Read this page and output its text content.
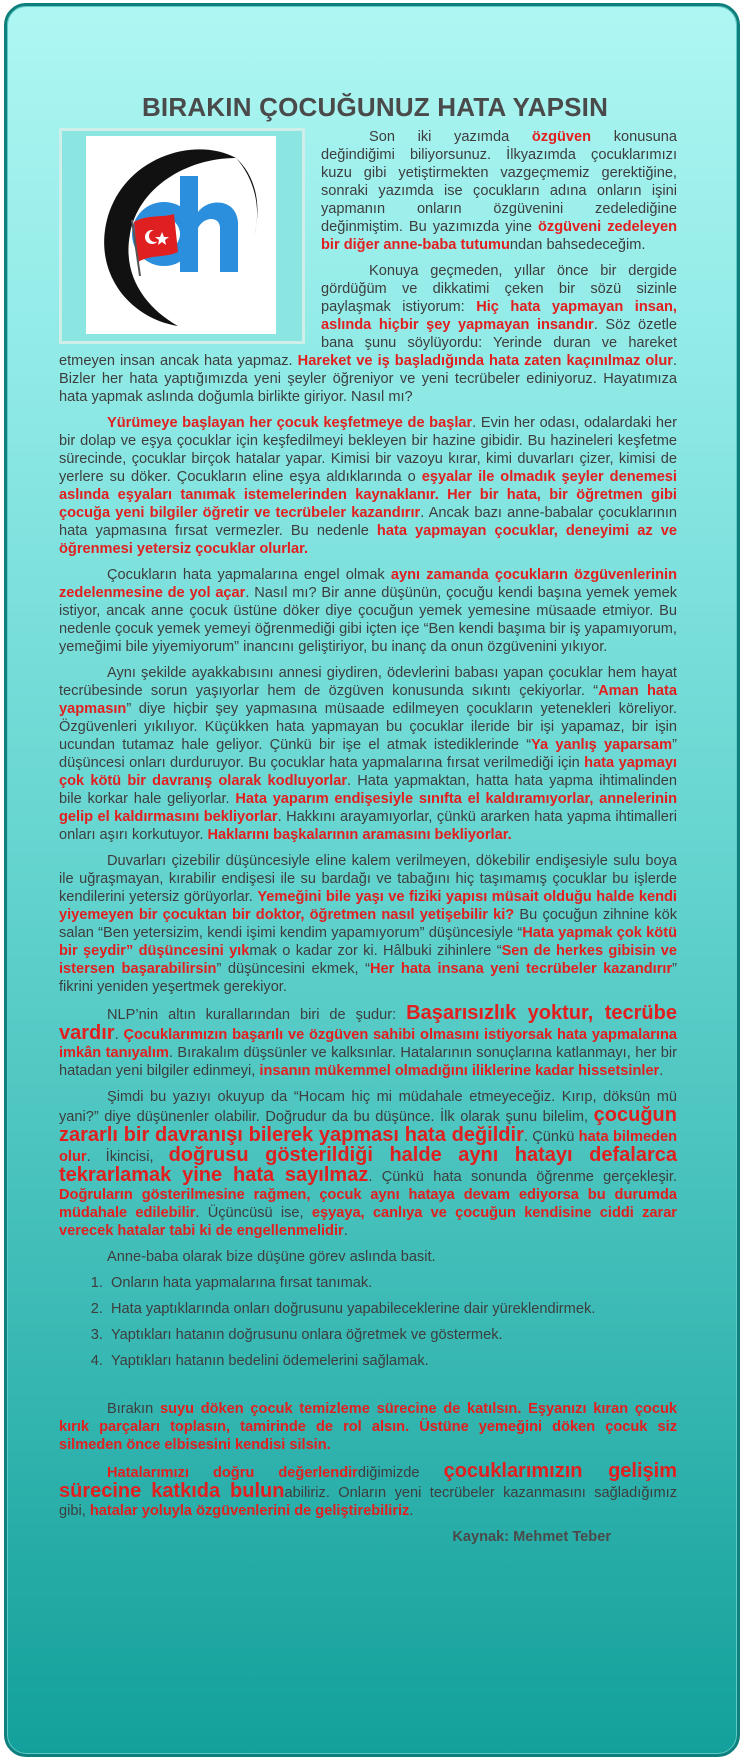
BIRAKIN ÇOCUĞUNUZ HATA YAPSIN

Son iki yazımda özgüven konusuna değindiğimi biliyorsunuz. İlkyazımda çocuklarımızı kuzu gibi yetiştirmekten vazgeçmemiz gerektiğine, sonraki yazımda ise çocukların adına onların işini yapmanın onların özgüvenini zedelediğine değinmiştim. Bu yazımızda yine özgüveni zedeleyen bir diğer anne-baba tutumundan bahsedeceğim.

Konuya geçmeden, yıllar önce bir dergide gördüğüm ve dikkatimi çeken bir sözü sizinle paylaşmak istiyorum: Hiç hata yapmayan insan, aslında hiçbir şey yapmayan insandır. Söz özetle bana şunu söylüyordu: Yerinde duran ve hareket etmeyen insan ancak hata yapmaz. Hareket ve iş başladığında hata zaten kaçınılmaz olur. Bizler her hata yaptığımızda yeni şeyler öğreniyor ve yeni tecrübeler ediniyoruz. Hayatımıza hata yapmak aslında doğumla birlikte giriyor. Nasıl mı?

Yürümeye başlayan her çocuk keşfetmeye de başlar. Evin her odası, odalardaki her bir dolap ve eşya çocuklar için keşfedilmeyi bekleyen bir hazine gibidir. Bu hazineleri keşfetme sürecinde, çocuklar birçok hatalar yapar. Kimisi bir vazoyu kırar, kimi duvarları çizer, kimisi de yerlere su döker. Çocukların eline eşya aldıklarında o eşyalar ile olmadık şeyler denemesi aslında eşyaları tanımak istemelerinden kaynaklanır. Her bir hata, bir öğretmen gibi çocuğa yeni bilgiler öğretir ve tecrübeler kazandırır. Ancak bazı anne-babalar çocuklarının hata yapmasına fırsat vermezler. Bu nedenle hata yapmayan çocuklar, deneyimi az ve öğrenmesi yetersiz çocuklar olurlar.

Çocukların hata yapmalarına engel olmak aynı zamanda çocukların özgüvenlerinin zedelenmesine de yol açar. Nasıl mı? Bir anne düşünün, çocuğu kendi başına yemek yemek istiyor, ancak anne çocuk üstüne döker diye çocuğun yemek yemesine müsaade etmiyor. Bu nedenle çocuk yemek yemeyi öğrenmediği gibi içten içe “Ben kendi başıma bir iş yapamıyorum, yemeğimi bile yiyemiyorum” inancını geliştiriyor, bu inanç da onun özgüvenini yıkıyor.

Aynı şekilde ayakkabısını annesi giydiren, ödevlerini babası yapan çocuklar hem hayat tecrübesinde sorun yaşıyorlar hem de özgüven konusunda sıkıntı çekiyorlar. “Aman hata yapmasın” diye hiçbir şey yapmasına müsaade edilmeyen çocukların yetenekleri köreliyor. Özgüvenleri yıkılıyor. Küçükken hata yapmayan bu çocuklar ileride bir işi yapamaz, bir işin ucundan tutamaz hale geliyor. Çünkü bir işe el atmak istediklerinde “Ya yanlış yaparsam” düşüncesi onları durduruyor. Bu çocuklar hata yapmalarına fırsat verilmediği için hata yapmayı çok kötü bir davranış olarak kodluyorlar. Hata yapmaktan, hatta hata yapma ihtimalinden bile korkar hale geliyorlar. Hata yaparım endişesiyle sınıfta el kaldıramıyorlar, annelerinin gelip el kaldırmasını bekliyorlar. Hakkını arayamıyorlar, çünkü ararken hata yapma ihtimalleri onları aşırı korkutuyor. Haklarını başkalarının aramasını bekliyorlar.

Duvarları çizebilir düşüncesiyle eline kalem verilmeyen, dökebilir endişesiyle sulu boya ile uğraşmayan, kırabilir endişesi ile su bardağı ve tabağını hiç taşımamış çocuklar bu işlerde kendilerini yetersiz görüyorlar. Yemeğini bile yaşı ve fiziki yapısı müsait olduğu halde kendi yiyemeyen bir çocuktan bir doktor, öğretmen nasıl yetişebilir ki? Bu çocuğun zihnine kök salan “Ben yetersizim, kendi işimi kendim yapamıyorum” düşüncesiyle “Hata yapmak çok kötü bir şeydir” düşüncesini yıkmak o kadar zor ki. Hâlbuki zihinlere “Sen de herkes gibisin ve istersen başarabilirsin” düşüncesini ekmek, “Her hata insana yeni tecrübeler kazandırır” fikrini yeniden yeşertmek gerekiyor.

NLP’nin altın kurallarından biri de şudur: Başarısızlık yoktur, tecrübe vardır. Çocuklarımızın başarılı ve özgüven sahibi olmasını istiyorsak hata yapmalarına imkân tanıyalım. Bırakalım düşsünler ve kalksınlar. Hatalarının sonuçlarına katlanmayı, her bir hatadan yeni bilgiler edinmeyi, insanın mükemmel olmadığını iliklerine kadar hissetsinler.

Şimdi bu yazıyı okuyup da “Hocam hiç mi müdahale etmeyeceğiz. Kırıp, döksün mü yani?” diye düşünenler olabilir. Doğrudur da bu düşünce. İlk olarak şunu bilelim, çocuğun zararlı bir davranışı bilerek yapması hata değildir. Çünkü hata bilmeden olur. İkincisi, doğrusu gösterildiği halde aynı hatayı defalarca tekrarlamak yine hata sayılmaz. Çünkü hata sonunda öğrenme gerçekleşir. Doğruların gösterilmesine rağmen, çocuk aynı hataya devam ediyorsa bu durumda müdahale edilebilir. Üçüncüsü ise, eşyaya, canlıya ve çocuğun kendisine ciddi zarar verecek hatalar tabi ki de engellenmelidir.

Anne-baba olarak bize düşüne görev aslında basit.

1. Onların hata yapmalarına fırsat tanımak.
2. Hata yaptıklarında onları doğrusunu yapabileceklerine dair yüreklendirmek.
3. Yaptıkları hatanın doğrusunu onlara öğretmek ve göstermek.
4. Yaptıkları hatanın bedelini ödemelerini sağlamak.

Bırakın suyu döken çocuk temizleme sürecine de katılsın. Eşyanızı kıran çocuk kırık parçaları toplasın, tamirinde de rol alsın. Üstüne yemeğini döken çocuk siz silmeden önce elbisesini kendisi silsin.

Hatalarımızı doğru değerlendirdiğimizde çocuklarımızın gelişim sürecine katkıda bulunabiliriz. Onların yeni tecrübeler kazanmasını sağladığımız gibi, hatalar yoluyla özgüvenlerini de geliştirebiliriz.

Kaynak: Mehmet Teber
